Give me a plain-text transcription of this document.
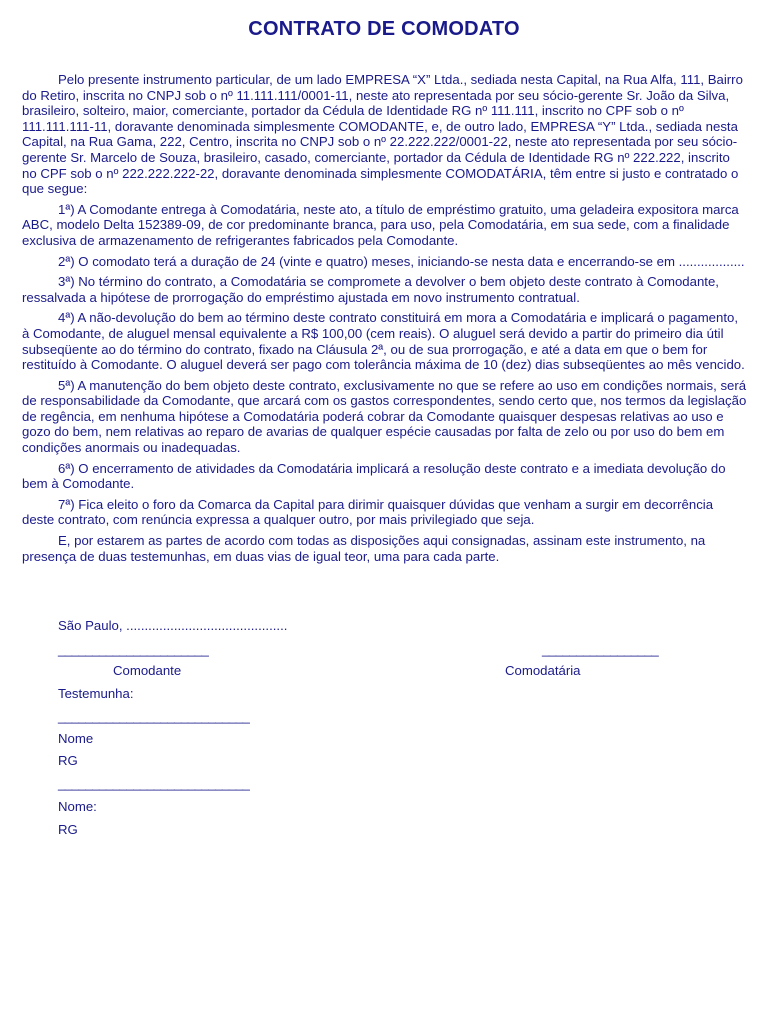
CONTRATO DE COMODATO

Pelo presente instrumento particular, de um lado EMPRESA “X” Ltda., sediada nesta Capital, na Rua Alfa, 111, Bairro do Retiro, inscrita no CNPJ sob o nº 11.111.111/0001-11, neste ato representada por seu sócio-gerente Sr. João da Silva, brasileiro, solteiro, maior, comerciante, portador da Cédula de Identidade RG nº 111.111, inscrito no CPF sob o nº 111.111.111-11, doravante denominada simplesmente COMODANTE, e, de outro lado, EMPRESA “Y” Ltda., sediada nesta Capital, na Rua Gama, 222, Centro, inscrita no CNPJ sob o nº 22.222.222/0001-22, neste ato representada por seu sócio-gerente Sr. Marcelo de Souza, brasileiro, casado, comerciante, portador da Cédula de Identidade RG nº 222.222, inscrito no CPF sob o nº 222.222.222-22, doravante denominada simplesmente COMODATÁRIA, têm entre si justo e contratado o que segue:

1ª) A Comodante entrega à Comodatária, neste ato, a título de empréstimo gratuito, uma geladeira expositora marca ABC, modelo Delta 152389-09, de cor predominante branca, para uso, pela Comodatária, em sua sede, com a finalidade exclusiva de armazenamento de refrigerantes fabricados pela Comodante.

2ª) O comodato terá a duração de 24 (vinte e quatro) meses, iniciando-se nesta data e encerrando-se em ..................

3ª) No término do contrato, a Comodatária se compromete a devolver o bem objeto deste contrato à Comodante, ressalvada a hipótese de prorrogação do empréstimo ajustada em novo instrumento contratual.

4ª) A não-devolução do bem ao término deste contrato constituirá em mora a Comodatária e implicará o pagamento, à Comodante, de aluguel mensal equivalente a R$ 100,00 (cem reais). O aluguel será devido a partir do primeiro dia útil subseqüente ao do término do contrato, fixado na Cláusula 2ª, ou de sua prorrogação, e até a data em que o bem for restituído à Comodante. O aluguel deverá ser pago com tolerância máxima de 10 (dez) dias subseqüentes ao mês vencido.

5ª) A manutenção do bem objeto deste contrato, exclusivamente no que se refere ao uso em condições normais, será de responsabilidade da Comodante, que arcará com os gastos correspondentes, sendo certo que, nos termos da legislação de regência, em nenhuma hipótese a Comodatária poderá cobrar da Comodante quaisquer despesas relativas ao uso e gozo do bem, nem relativas ao reparo de avarias de qualquer espécie causadas por falta de zelo ou por uso do bem em condições anormais ou inadequadas.

6ª) O encerramento de atividades da Comodatária implicará a resolução deste contrato e a imediata devolução do bem à Comodante.

7ª) Fica eleito o foro da Comarca da Capital para dirimir quaisquer dúvidas que venham a surgir em decorrência deste contrato, com renúncia expressa a qualquer outro, por mais privilegiado que seja.

E, por estarem as partes de acordo com todas as disposições aqui consignadas, assinam este instrumento, na presença de duas testemunhas, em duas vias de igual teor, uma para cada parte.

São Paulo, ............................................
______________________	_________________
Comodante	Comodatária
Testemunha:
____________________________
Nome
RG
____________________________
Nome:
RG
